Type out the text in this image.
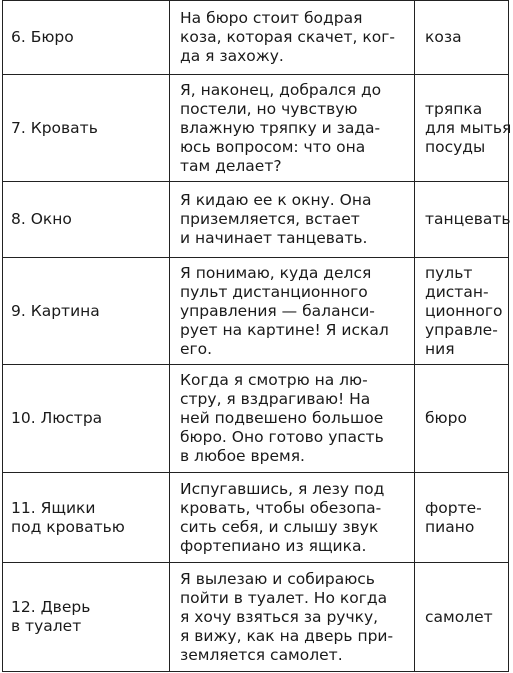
6. Бюро	На бюро стоит бодрая
коза, которая скачет, ког-
да я захожу.	коза

7. Кровать	Я, наконец, добрался до
постели, но чувствую
влажную тряпку и зада-
юсь вопросом: что она
там делает?	тряпка
для мытья
посуды

8. Окно	Я кидаю ее к окну. Она
приземляется, встает
и начинает танцевать.	танцевать

9. Картина	Я понимаю, куда делся
пульт дистанционного
управления — баланси-
рует на картине! Я искал
его.	пульт
дистан-
ционного
управле-
ния

10. Люстра	Когда я смотрю на лю-
стру, я вздрагиваю! На
ней подвешено большое
бюро. Оно готово упасть
в любое время.	бюро

11. Ящики
под кроватью	Испугавшись, я лезу под
кровать, чтобы обезопа-
сить себя, и слышу звук
фортепиано из ящика.	форте-
пиано

12. Дверь
в туалет	Я вылезаю и собираюсь
пойти в туалет. Но когда
я хочу взяться за ручку,
я вижу, как на дверь при-
земляется самолет.	самолет
